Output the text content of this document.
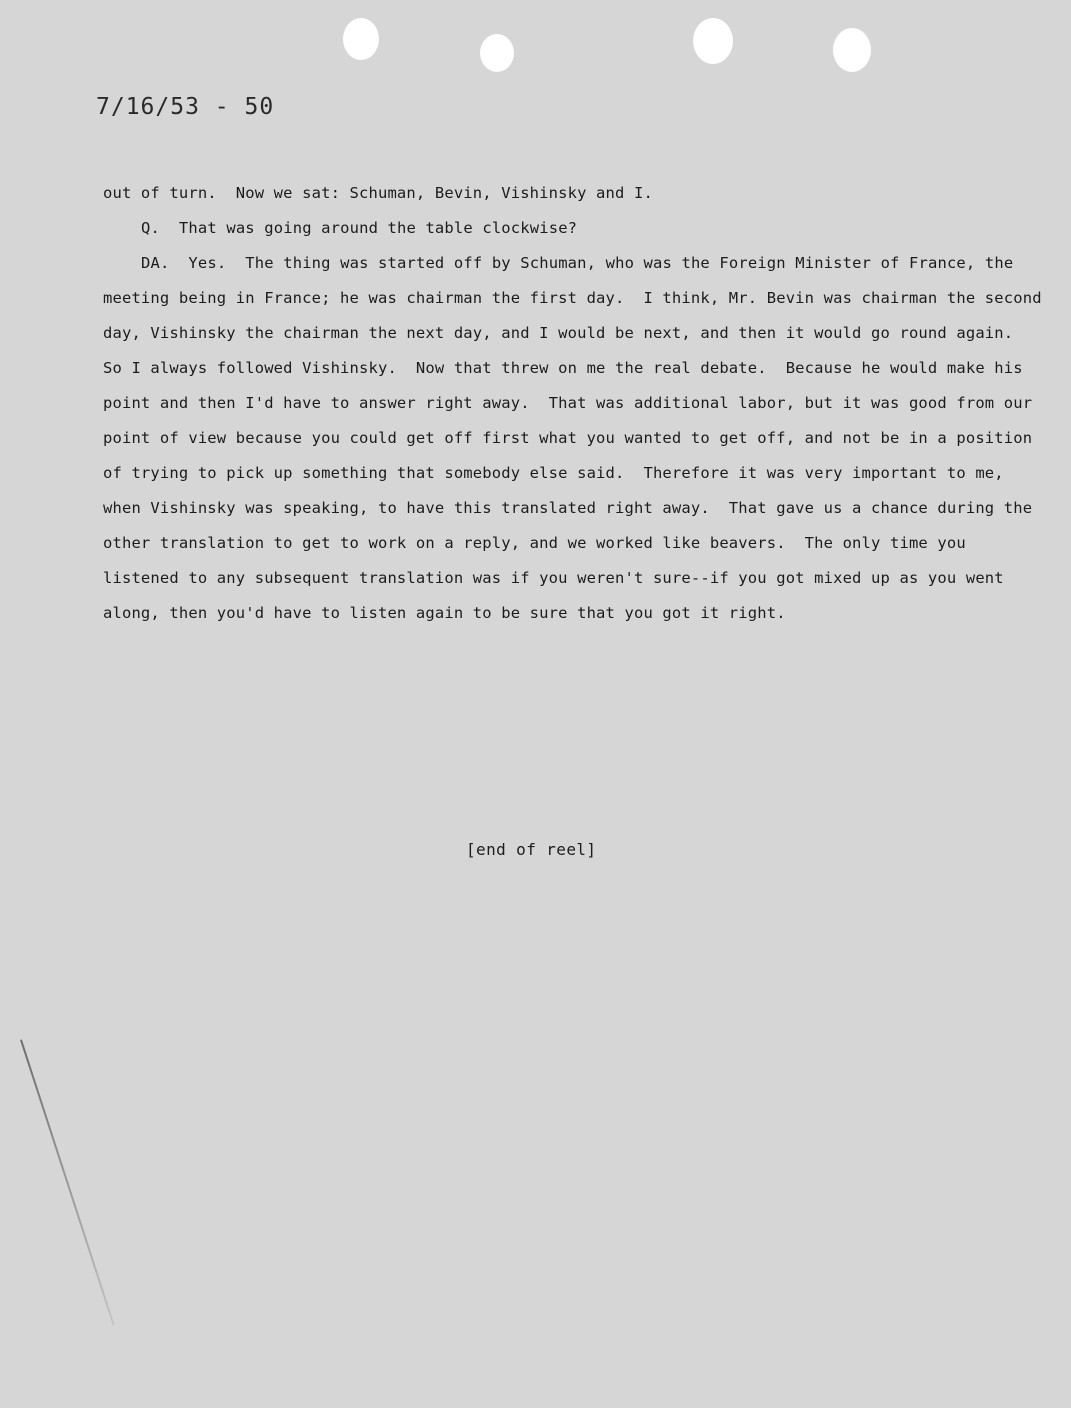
7/16/53 - 50

out of turn.  Now we sat: Schuman, Bevin, Vishinsky and I.

Q.  That was going around the table clockwise?

DA.  Yes.  The thing was started off by Schuman, who was the Foreign Minister of France, the meeting being in France; he was chairman the first day.  I think, Mr. Bevin was chairman the second day, Vishinsky the chairman the next day, and I would be next, and then it would go round again.  So I always followed Vishinsky.  Now that threw on me the real debate.  Because he would make his point and then I'd have to answer right away.  That was additional labor, but it was good from our point of view because you could get off first what you wanted to get off, and not be in a position of trying to pick up something that somebody else said.  Therefore it was very important to me, when Vishinsky was speaking, to have this translated right away.  That gave us a chance during the other translation to get to work on a reply, and we worked like beavers.  The only time you listened to any subsequent translation was if you weren't sure--if you got mixed up as you went along, then you'd have to listen again to be sure that you got it right.

[end of reel]
